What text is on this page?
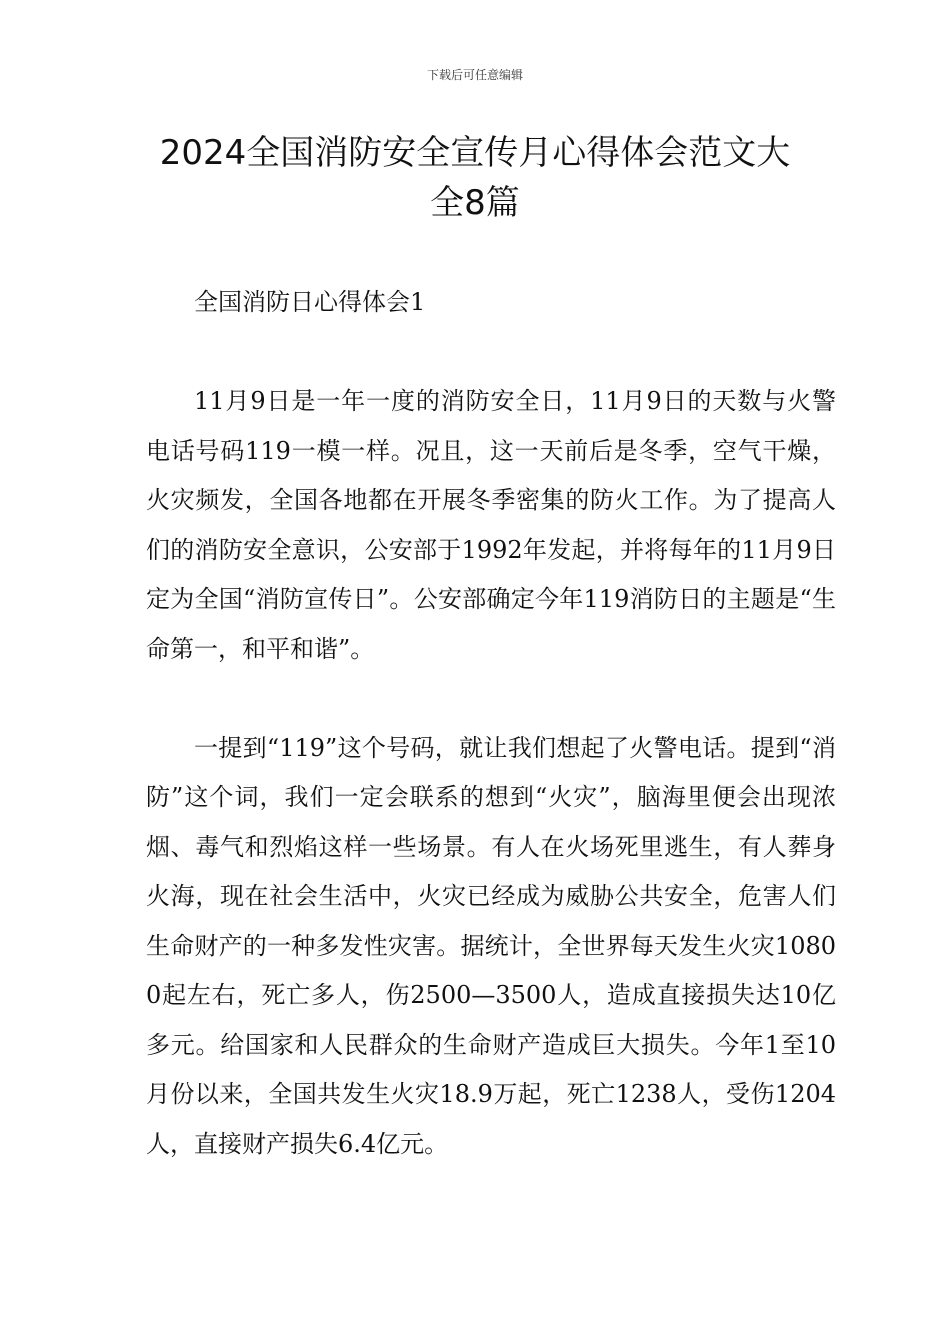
下载后可任意编辑
2024全国消防安全宣传月心得体会范文大
全8篇

全国消防日心得体会1

11月9日是一年一度的消防安全日，11月9日的天数与火警电话号码119一模一样。况且，这一天前后是冬季，空气干燥，火灾频发，全国各地都在开展冬季密集的防火工作。为了提高人们的消防安全意识，公安部于1992年发起，并将每年的11月9日定为全国“消防宣传日”。公安部确定今年119消防日的主题是“生命第一，和平和谐”。

一提到“119”这个号码，就让我们想起了火警电话。提到“消防”这个词，我们一定会联系的想到“火灾”，脑海里便会出现浓烟、毒气和烈焰这样一些场景。有人在火场死里逃生，有人葬身火海，现在社会生活中，火灾已经成为威胁公共安全，危害人们生命财产的一种多发性灾害。据统计，全世界每天发生火灾10800起左右，死亡多人，伤2500—3500人，造成直接损失达10亿多元。给国家和人民群众的生命财产造成巨大损失。今年1至10月份以来，全国共发生火灾18.9万起，死亡1238人，受伤1204人，直接财产损失6.4亿元。
